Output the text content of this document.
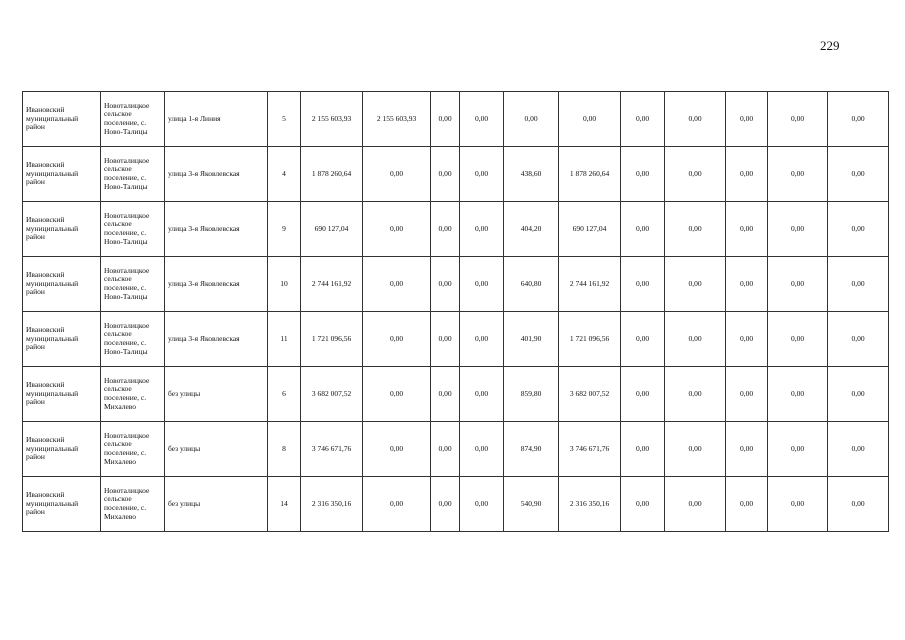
229
Ивановский муниципальный район	Новоталицкое сельское поселение, с. Ново-Талицы	улица 1-я Линия	5	2 155 603,93	2 155 603,93	0,00	0,00	0,00	0,00	0,00	0,00	0,00	0,00	0,00
Ивановский муниципальный район	Новоталицкое сельское поселение, с. Ново-Талицы	улица 3-я Яковлевская	4	1 878 260,64	0,00	0,00	0,00	438,60	1 878 260,64	0,00	0,00	0,00	0,00	0,00
Ивановский муниципальный район	Новоталицкое сельское поселение, с. Ново-Талицы	улица 3-я Яковлевская	9	690 127,04	0,00	0,00	0,00	404,20	690 127,04	0,00	0,00	0,00	0,00	0,00
Ивановский муниципальный район	Новоталицкое сельское поселение, с. Ново-Талицы	улица 3-я Яковлевская	10	2 744 161,92	0,00	0,00	0,00	640,80	2 744 161,92	0,00	0,00	0,00	0,00	0,00
Ивановский муниципальный район	Новоталицкое сельское поселение, с. Ново-Талицы	улица 3-я Яковлевская	11	1 721 096,56	0,00	0,00	0,00	401,90	1 721 096,56	0,00	0,00	0,00	0,00	0,00
Ивановский муниципальный район	Новоталицкое сельское поселение, с. Михалево	без улицы	6	3 682 007,52	0,00	0,00	0,00	859,80	3 682 007,52	0,00	0,00	0,00	0,00	0,00
Ивановский муниципальный район	Новоталицкое сельское поселение, с. Михалево	без улицы	8	3 746 671,76	0,00	0,00	0,00	874,90	3 746 671,76	0,00	0,00	0,00	0,00	0,00
Ивановский муниципальный район	Новоталицкое сельское поселение, с. Михалево	без улицы	14	2 316 350,16	0,00	0,00	0,00	540,90	2 316 350,16	0,00	0,00	0,00	0,00	0,00
